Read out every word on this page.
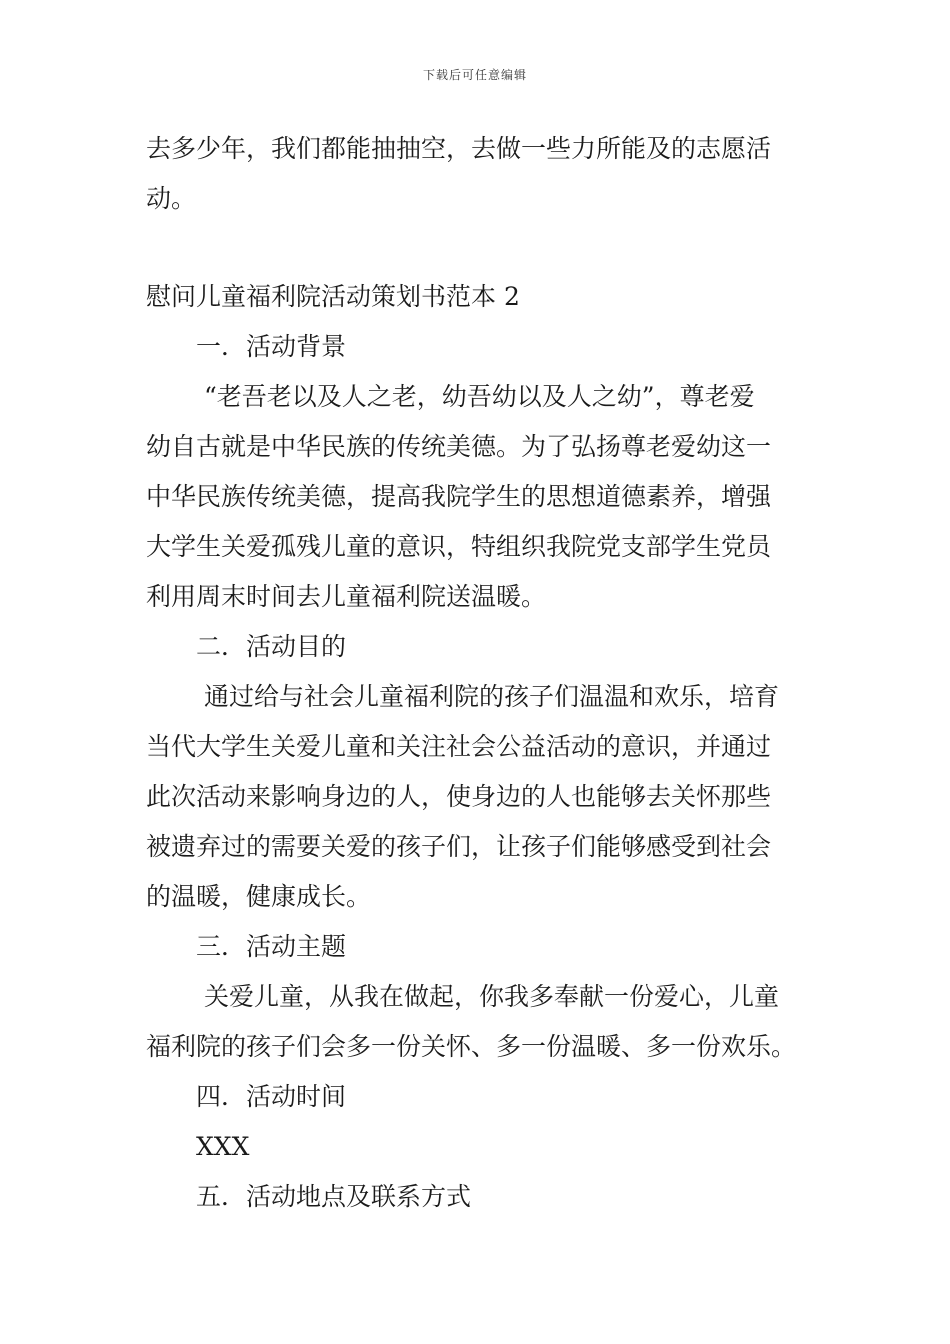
下载后可任意编辑
去多少年，我们都能抽抽空，去做一些力所能及的志愿活
动。
慰问儿童福利院活动策划书范本 2
一．活动背景
“老吾老以及人之老，幼吾幼以及人之幼”，尊老爱
幼自古就是中华民族的传统美德。为了弘扬尊老爱幼这一
中华民族传统美德，提高我院学生的思想道德素养，增强
大学生关爱孤残儿童的意识，特组织我院党支部学生党员
利用周末时间去儿童福利院送温暖。
二．活动目的
通过给与社会儿童福利院的孩子们温温和欢乐，培育
当代大学生关爱儿童和关注社会公益活动的意识，并通过
此次活动来影响身边的人，使身边的人也能够去关怀那些
被遗弃过的需要关爱的孩子们，让孩子们能够感受到社会
的温暖，健康成长。
三．活动主题
关爱儿童，从我在做起，你我多奉献一份爱心，儿童
福利院的孩子们会多一份关怀、多一份温暖、多一份欢乐。
四．活动时间
XXX
五．活动地点及联系方式
